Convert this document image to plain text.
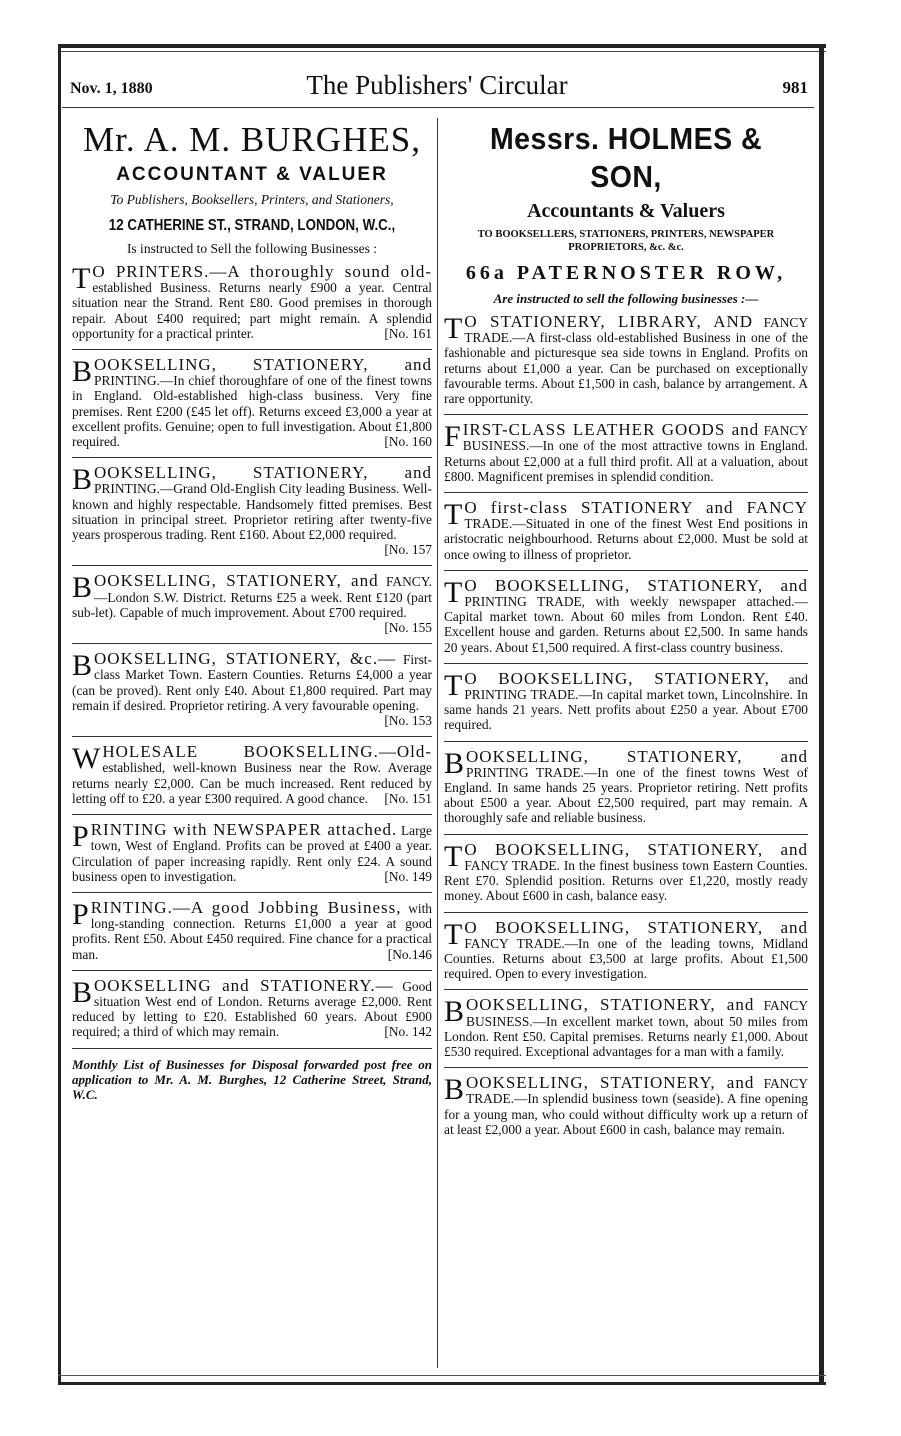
Nov. 1, 1880	The Publishers' Circular	981
Mr. A. M. BURGHES,
ACCOUNTANT & VALUER
To Publishers, Booksellers, Printers, and Stationers,
12 CATHERINE ST., STRAND, LONDON, W.C.,
Is instructed to Sell the following Businesses :
T O PRINTERS.—A thoroughly sound old- established Business. Returns nearly £900 a year. Central situation near the Strand. Rent £80. Good premises in thorough repair. About £400 required; part might remain. A splendid opportunity for a practical printer.	[No. 161
BOOKSELLING, STATIONERY, and PRINTING.—In chief thoroughfare of one of the finest towns in England. Old-established high-class business. Very fine premises. Rent £200 (£45 let off). Returns exceed £3,000 a year at excellent profits. Genuine; open to full investigation. About £1,800 required.	[No. 160
BOOKSELLING, STATIONERY, and PRINTING.—Grand Old-English City leading Business. Well-known and highly respectable. Handsomely fitted premises. Best situation in principal street. Proprietor retiring after twenty-five years prosperous trading. Rent £160. About £2,000 required.
[No. 157
BOOKSELLING, STATIONERY, and FANCY.—London S.W. District. Returns £25 a week. Rent £120 (part sub-let). Capable of much improvement. About £700 required.
[No. 155
BOOKSELLING, STATIONERY, &c.— First-class Market Town. Eastern Counties. Returns £4,000 a year (can be proved). Rent only £40. About £1,800 required. Part may remain if desired. Proprietor retiring. A very favourable opening.
[No. 153
WHOLESALE BOOKSELLING.—Old- established, well-known Business near the Row. Average returns nearly £2,000. Can be much increased. Rent reduced by letting off to £20. a year £300 required. A good chance. [No. 151
PRINTING with NEWSPAPER attached. Large town, West of England. Profits can be proved at £400 a year. Circulation of paper increasing rapidly. Rent only £24. A sound business open to investigation.	[No. 149
PRINTING.—A good Jobbing Business, with long-standing connection. Returns £1,000 a year at good profits. Rent £50. About £450 required. Fine chance for a practical man.	[No.146
BOOKSELLING and STATIONERY.— Good situation West end of London. Returns average £2,000. Rent reduced by letting to £20. Established 60 years. About £900 required; a third of which may remain.	[No. 142
Monthly List of Businesses for Disposal forwarded post free on application to Mr. A. M. Burghes, 12 Catherine Street, Strand, W.C.
Messrs. HOLMES & SON,
Accountants & Valuers
TO BOOKSELLERS, STATIONERS, PRINTERS, NEWSPAPER PROPRIETORS, &c. &c.
66a PATERNOSTER ROW,
Are instructed to sell the following businesses :—
T O STATIONERY, LIBRARY, AND FANCY TRADE.—A first-class old-established Business in one of the fashionable and picturesque sea side towns in England. Profits on returns about £1,000 a year. Can be purchased on exceptionally favourable terms. About £1,500 in cash, balance by arrangement. A rare opportunity.
FIRST-CLASS LEATHER GOODS and FANCY BUSINESS.—In one of the most attractive towns in England. Returns about £2,000 at a full third profit. All at a valuation, about £800. Magnificent premises in splendid condition.
T O first-class STATIONERY and FANCY TRADE.—Situated in one of the finest West End positions in aristocratic neighbourhood. Returns about £2,000. Must be sold at once owing to illness of proprietor.
T O BOOKSELLING, STATIONERY, and PRINTING TRADE, with weekly newspaper attached.—Capital market town. About 60 miles from London. Rent £40. Excellent house and garden. Returns about £2,500. In same hands 20 years. About £1,500 required. A first-class country business.
T O BOOKSELLING, STATIONERY, and PRINTING TRADE.—In capital market town, Lincolnshire. In same hands 21 years. Nett profits about £250 a year. About £700 required.
BOOKSELLING, STATIONERY, and PRINTING TRADE.—In one of the finest towns West of England. In same hands 25 years. Proprietor retiring. Nett profits about £500 a year. About £2,500 required, part may remain. A thoroughly safe and reliable business.
T O BOOKSELLING, STATIONERY, and FANCY TRADE. In the finest business town Eastern Counties. Rent £70. Splendid position. Returns over £1,220, mostly ready money. About £600 in cash, balance easy.
T O BOOKSELLING, STATIONERY, and FANCY TRADE.—In one of the leading towns, Midland Counties. Returns about £3,500 at large profits. About £1,500 required. Open to every investigation.
BOOKSELLING, STATIONERY, and FANCY BUSINESS.—In excellent market town, about 50 miles from London. Rent £50. Capital premises. Returns nearly £1,000. About £530 required. Exceptional advantages for a man with a family.
BOOKSELLING, STATIONERY, and FANCY TRADE.—In splendid business town (seaside). A fine opening for a young man, who could without difficulty work up a return of at least £2,000 a year. About £600 in cash, balance may remain.
